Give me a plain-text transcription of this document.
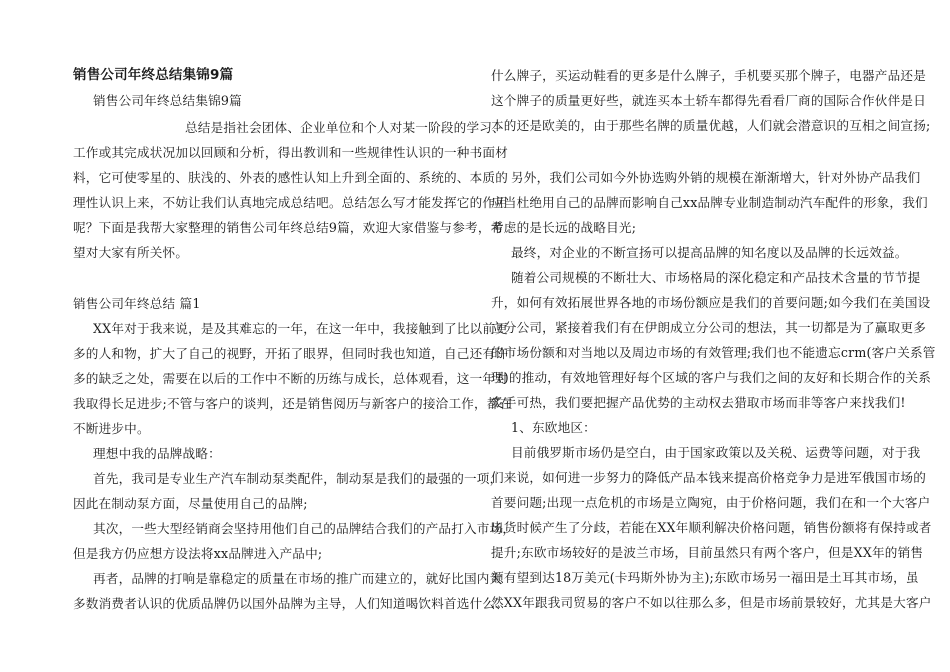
销售公司年终总结集锦9篇
销售公司年终总结集锦9篇
总结是指社会团体、企业单位和个人对某一阶段的学习、
工作或其完成状况加以回顾和分析，得出教训和一些规律性认识的一种书面材
料，它可使零星的、肤浅的、外表的感性认知上升到全面的、系统的、本质的
理性认识上来，不妨让我们认真地完成总结吧。总结怎么写才能发挥它的作用
呢？下面是我帮大家整理的销售公司年终总结9篇，欢迎大家借鉴与参考，希
望对大家有所关怀。
销售公司年终总结 篇1
XX年对于我来说，是及其难忘的一年，在这一年中，我接触到了比以前更
多的人和物，扩大了自己的视野，开拓了眼界，但同时我也知道，自己还有许
多的缺乏之处，需要在以后的工作中不断的历练与成长，总体观看，这一年对
我取得长足进步;不管与客户的谈判，还是销售阅历与新客户的接洽工作，都在
不断进步中。
理想中我的品牌战略：
首先，我司是专业生产汽车制动泵类配件，制动泵是我们的最强的一项，
因此在制动泵方面，尽量使用自己的品牌;
其次，一些大型经销商会坚持用他们自己的品牌结合我们的产品打入市场，
但是我方仍应想方设法将xx品牌进入产品中;
再者，品牌的打响是靠稳定的质量在市场的推广而建立的，就好比国内大
多数消费者认识的优质品牌仍以国外品牌为主导，人们知道喝饮料首选什么、
什么牌子，买运动鞋看的更多是什么牌子，手机要买那个牌子，电器产品还是
这个牌子的质量更好些，就连买本土轿车都得先看看厂商的国际合作伙伴是日
本的还是欧美的，由于那些名牌的质量优越，人们就会潜意识的互相之间宣扬;
另外，我们公司如今外协选购外销的规模在渐渐增大，针对外协产品我们
应当杜绝用自己的品牌而影响自己xx品牌专业制造制动汽车配件的形象，我们
考虑的是长远的战略目光;
最终，对企业的不断宣扬可以提高品牌的知名度以及品牌的长远效益。
随着公司规模的不断壮大、市场格局的深化稳定和产品技术含量的节节提
升，如何有效拓展世界各地的市场份额应是我们的首要问题;如今我们在美国设
立分公司，紧接着我们有在伊朗成立分公司的想法，其一切都是为了赢取更多
的市场份额和对当地以及周边市场的有效管理;我们也不能遗忘crm(客户关系管
理)的推动，有效地管理好每个区域的客户与我们之间的友好和长期合作的关系
炙手可热，我们要把握产品优势的主动权去猎取市场而非等客户来找我们!
1、东欧地区：
目前俄罗斯市场仍是空白，由于国家政策以及关税、运费等问题，对于我
们来说，如何进一步努力的降低产品本钱来提高价格竞争力是进军俄国市场的
首要问题;出现一点危机的市场是立陶宛，由于价格问题，我们在和一个大客户
出货时候产生了分歧，若能在XX年顺利解决价格问题，销售份额将有保持或者
提升;东欧市场较好的是波兰市场，目前虽然只有两个客户，但是XX年的销售
额有望到达18万美元(卡玛斯外协为主);东欧市场另一福田是土耳其市场，虽
然XX年跟我司贸易的客户不如以往那么多，但是市场前景较好，尤其是大客户
